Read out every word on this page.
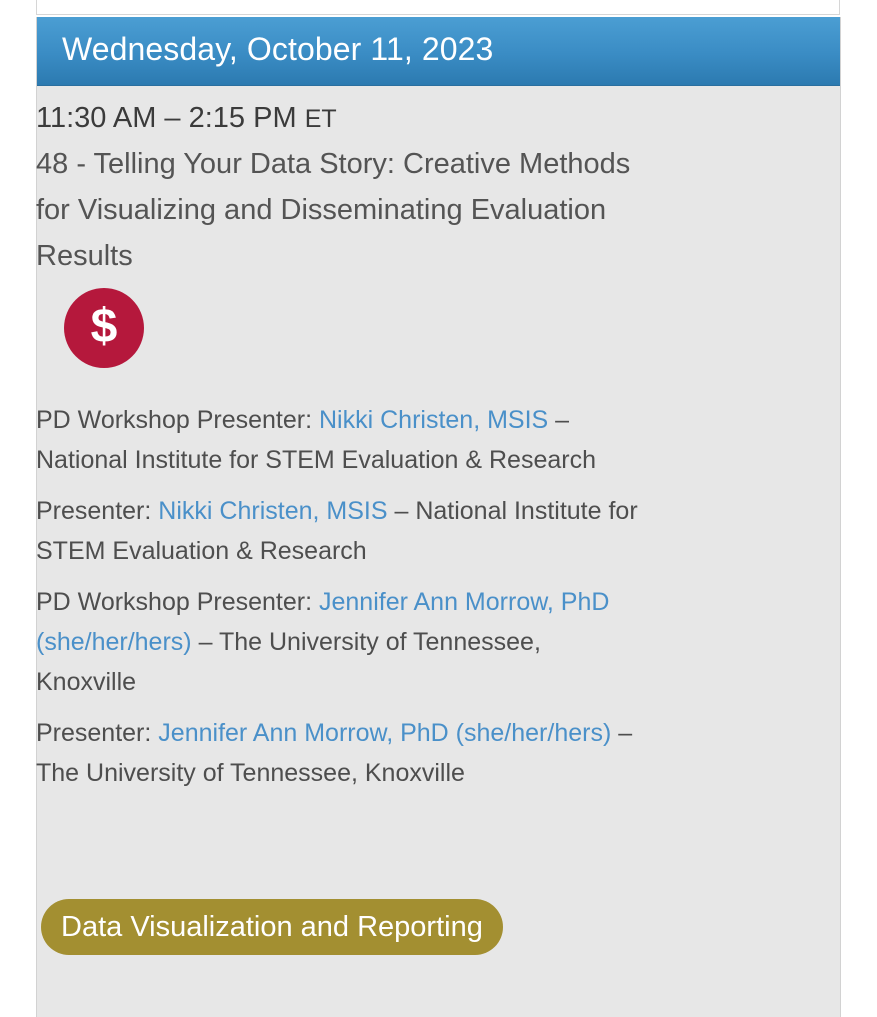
Wednesday, October 11, 2023

11:30 AM – 2:15 PM ET

48 - Telling Your Data Story: Creative Methods for Visualizing and Disseminating Evaluation Results

$
PD Workshop Presenter: Nikki Christen, MSIS – National Institute for STEM Evaluation & Research
Presenter: Nikki Christen, MSIS – National Institute for STEM Evaluation & Research
PD Workshop Presenter: Jennifer Ann Morrow, PhD (she/her/hers) – The University of Tennessee, Knoxville
Presenter: Jennifer Ann Morrow, PhD (she/her/hers) – The University of Tennessee, Knoxville
Data Visualization and Reporting
